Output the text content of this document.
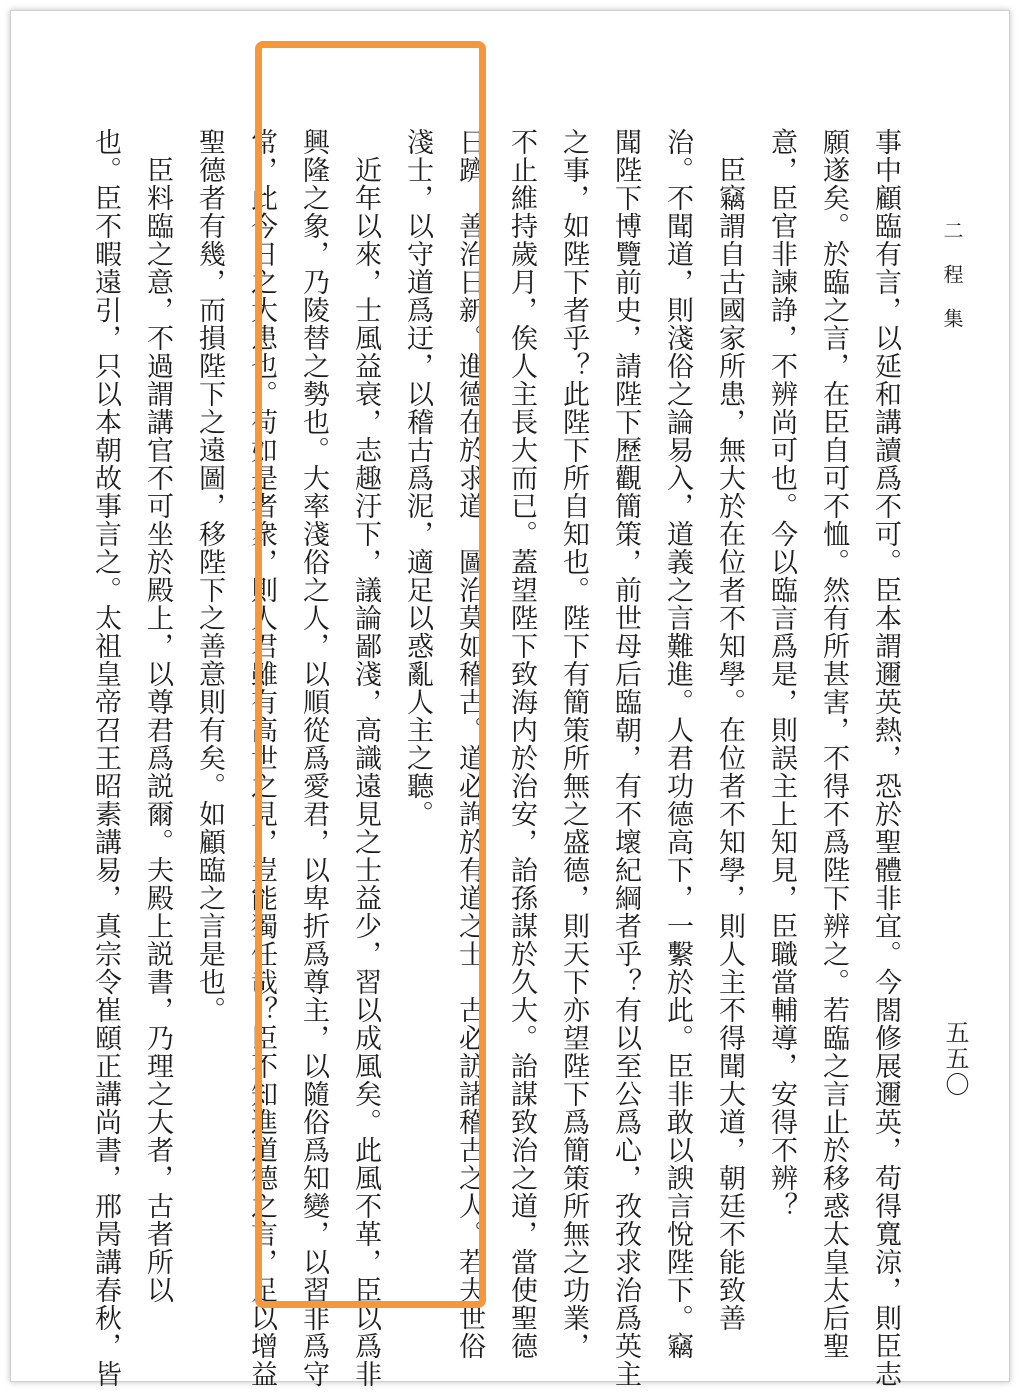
二程集
五五〇
事中顧臨有言，以延和講讀爲不可。臣本謂邇英熱，恐於聖體非宜。今閤修展邇英，苟得寬涼，則臣志
願遂矣。於臨之言，在臣自可不恤。然有所甚害，不得不爲陛下辨之。若臨之言止於移惑太皇太后聖
意，臣官非諫諍，不辨尚可也。今以臨言爲是，則誤主上知見，臣職當輔導，安得不辨？
　臣竊謂自古國家所患，無大於在位者不知學。在位者不知學，則人主不得聞大道，朝廷不能致善
治。不聞道，則淺俗之論易入，道義之言難進。人君功德高下，一繫於此。臣非敢以諛言悅陛下。竊
聞陛下博覽前史，請陛下歷觀簡策，前世母后臨朝，有不壞紀綱者乎？有以至公爲心，孜孜求治爲英主
之事，如陛下者乎？此陛下所自知也。陛下有簡策所無之盛德，則天下亦望陛下爲簡策所無之功業，
不止維持歲月，俟人主長大而已。蓋望陛下致海内於治安，詒孫謀於久大。詒謀致治之道，當使聖德
日躋，善治日新。進德在於求道，圖治莫如稽古。道必詢於有道之士，古必訪諸稽古之人。若夫世俗
淺士，以守道爲迂，以稽古爲泥，適足以惑亂人主之聽。
　近年以來，士風益衰，志趣汙下，議論鄙淺，高識遠見之士益少，習以成風矣。此風不革，臣以爲非
興隆之象，乃陵替之勢也。大率淺俗之人，以順從爲愛君，以卑折爲尊主，以隨俗爲知變，以習非爲守
常，此今日之大患也。苟如是者衆，則人君雖有高世之見，豈能獨任哉？臣不知進道德之言，足以增益
聖德者有幾，而損陛下之遠圖，移陛下之善意則有矣。如顧臨之言是也。
　臣料臨之意，不過謂講官不可坐於殿上，以尊君爲説爾。夫殿上説書，乃理之大者，古者所以
也。臣不暇遠引，只以本朝故事言之。太祖皇帝召王昭素講易，真宗令崔頤正講尚書，邢昺講春秋，皆
